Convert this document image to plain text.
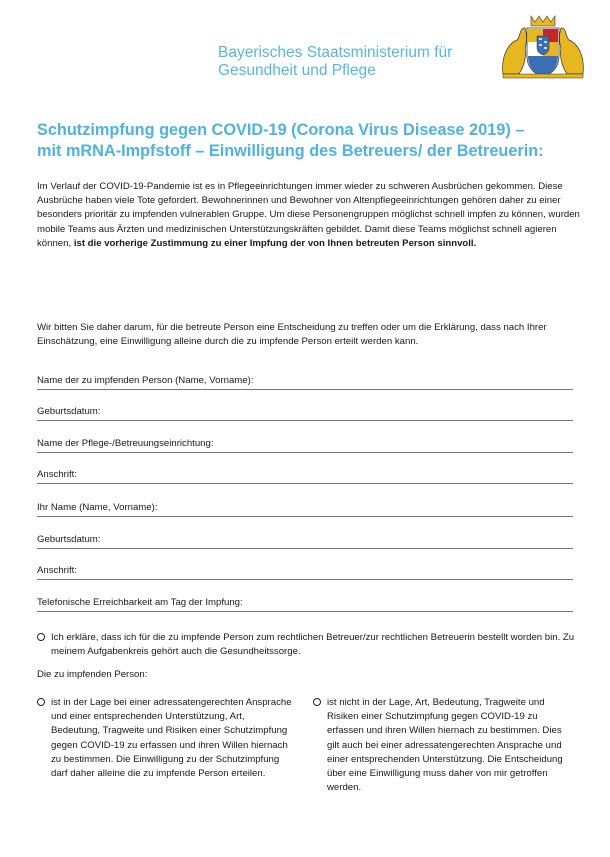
Bayerisches Staatsministerium für
Gesundheit und Pflege
Schutzimpfung gegen COVID-19 (Corona Virus Disease 2019) –
mit mRNA-Impfstoff – Einwilligung des Betreuers/ der Betreuerin:
Im Verlauf der COVID-19-Pandemie ist es in Pflegeeinrichtungen immer wieder zu schweren Ausbrüchen gekommen. Diese Ausbrüche haben viele Tote gefordert. Bewohnerinnen und Bewohner von Altenpflegeeinrichtungen gehören daher zu einer besonders prioritär zu impfenden vulnerablen Gruppe. Um diese Personengruppen möglichst schnell impfen zu können, wurden mobile Teams aus Ärzten und medizinischen Unterstützungskräften gebildet. Damit diese Teams möglichst schnell agieren können, ist die vorherige Zustimmung zu einer Impfung der von Ihnen betreuten Person sinnvoll.
Wir bitten Sie daher darum, für die betreute Person eine Entscheidung zu treffen oder um die Erklärung, dass nach Ihrer Einschätzung, eine Einwilligung alleine durch die zu impfende Person erteilt werden kann.
Name der zu impfenden Person (Name, Vorname):
Geburtsdatum:
Name der Pflege-/Betreuungseinrichtung:
Anschrift:
Ihr Name (Name, Vorname):
Geburtsdatum:
Anschrift:
Telefonische Erreichbarkeit am Tag der Impfung:
Ich erkläre, dass ich für die zu impfende Person zum rechtlichen Betreuer/zur rechtlichen Betreuerin bestellt worden bin. Zu meinem Aufgabenkreis gehört auch die Gesundheitssorge.
Die zu impfenden Person:
ist in der Lage bei einer adressatengerechten Ansprache und einer entsprechenden Unterstützung, Art, Bedeutung, Tragweite und Risiken einer Schutzimpfung gegen COVID-19 zu erfassen und ihren Willen hiernach zu bestimmen. Die Einwilligung zu der Schutzimpfung darf daher alleine die zu impfende Person erteilen.
ist nicht in der Lage, Art, Bedeutung, Tragweite und Risiken einer Schutzimpfung gegen COVID-19 zu erfassen und ihren Willen hiernach zu bestimmen. Dies gilt auch bei einer adressatengerechten Ansprache und einer entsprechenden Unterstützung. Die Entscheidung über eine Einwilligung muss daher von mir getroffen werden.
